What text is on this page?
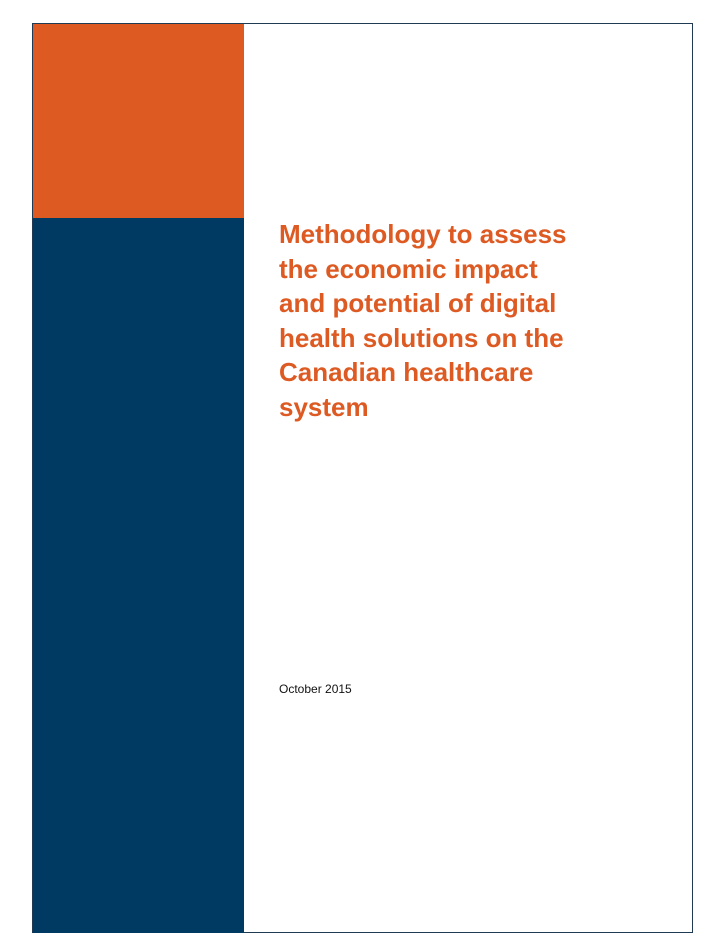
Methodology to assess
the economic impact
and potential of digital
health solutions on the
Canadian healthcare
system

October 2015
